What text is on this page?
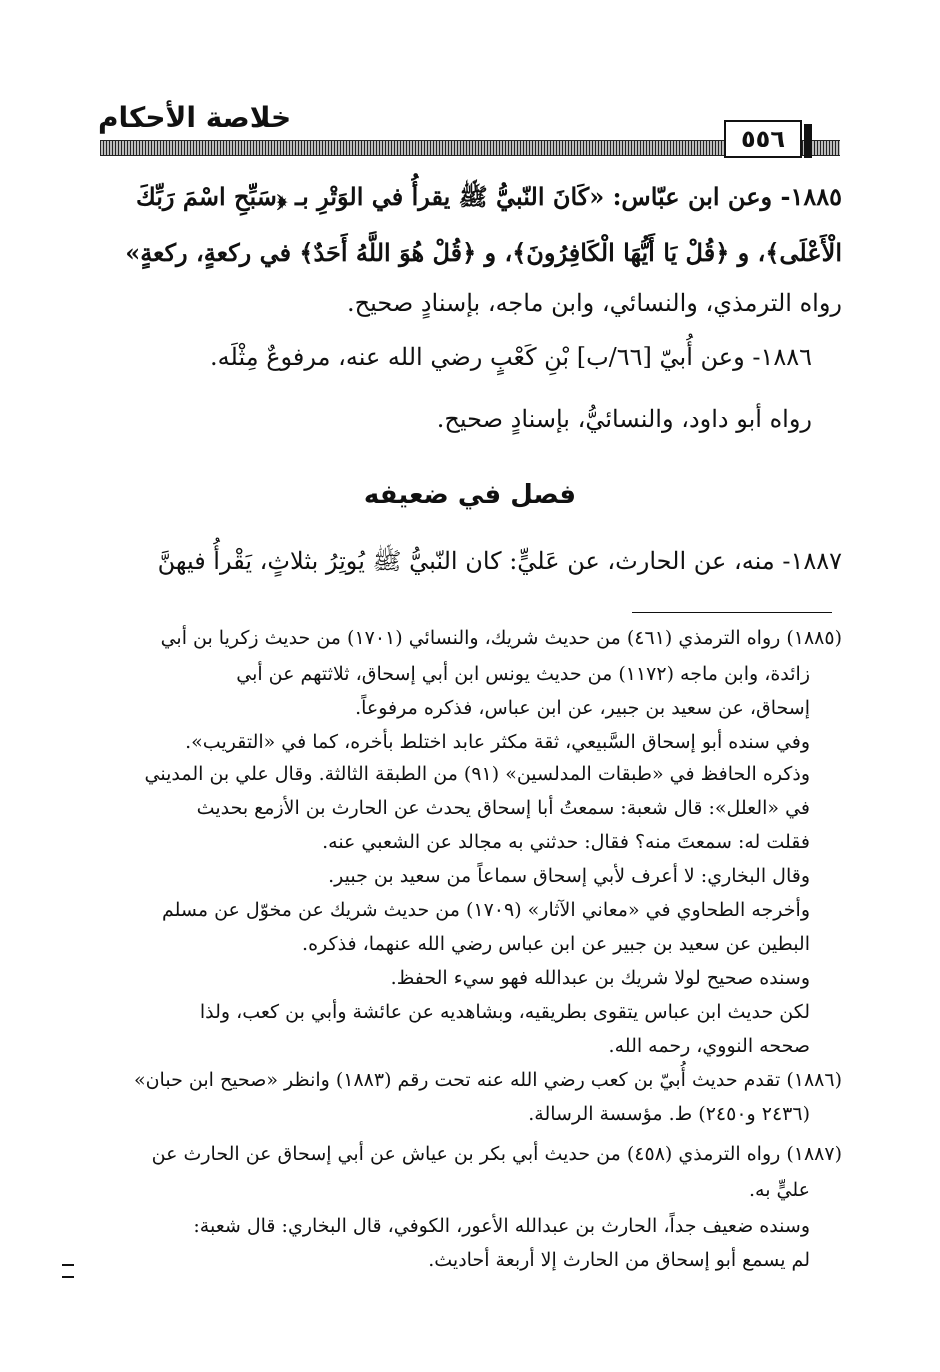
خلاصة الأحكام
٥٥٦
١٨٨٥- وعن ابن عبّاس: «كَانَ النّبيُّ ﷺ يقرأُ في الوَتْرِ بـ ﴿سَبِّحِ اسْمَ رَبِّكَ
الْأَعْلَى﴾، و ﴿قُلْ يَا أَيُّهَا الْكَافِرُونَ﴾، و ﴿قُلْ هُوَ اللَّهُ أَحَدٌ﴾ في ركعةٍ، ركعةٍ»
رواه الترمذي، والنسائي، وابن ماجه، بإسنادٍ صحيح.
١٨٨٦- وعن أُبيّ [٦٦/ب] بْنِ كَعْبٍ رضي الله عنه، مرفوعٌ مِثْلَه.
رواه أبو داود، والنسائيُّ، بإسنادٍ صحيح.
فصل في ضعيفه
١٨٨٧- منه، عن الحارث، عن عَليٍّ: كان النّبيُّ ﷺ يُوتِرُ بثلاثٍ، يَقْرأُ فيهنَّ
(١٨٨٥) رواه الترمذي (٤٦١) من حديث شريك، والنسائي (١٧٠١) من حديث زكريا بن أبي
زائدة، وابن ماجه (١١٧٢) من حديث يونس ابن أبي إسحاق، ثلاثتهم عن أبي
إسحاق، عن سعيد بن جبير، عن ابن عباس، فذكره مرفوعاً.
وفي سنده أبو إسحاق السَّبيعي، ثقة مكثر عابد اختلط بأخره، كما في «التقريب».
وذكره الحافظ في «طبقات المدلسين» (٩١) من الطبقة الثالثة. وقال علي بن المديني
في «العلل»: قال شعبة: سمعتُ أبا إسحاق يحدث عن الحارث بن الأزمع بحديث
فقلت له: سمعتَ منه؟ فقال: حدثني به مجالد عن الشعبي عنه.
وقال البخاري: لا أعرف لأبي إسحاق سماعاً من سعيد بن جبير.
وأخرجه الطحاوي في «معاني الآثار» (١٧٠٩) من حديث شريك عن مخوّل عن مسلم
البطين عن سعيد بن جبير عن ابن عباس رضي الله عنهما، فذكره.
وسنده صحيح لولا شريك بن عبدالله فهو سيء الحفظ.
لكن حديث ابن عباس يتقوى بطريقيه، وبشاهديه عن عائشة وأبي بن كعب، ولذا
صححه النووي، رحمه الله.
(١٨٨٦) تقدم حديث أُبيّ بن كعب رضي الله عنه تحت رقم (١٨٨٣) وانظر «صحيح ابن حبان»
(٢٤٣٦ و٢٤٥٠) ط. مؤسسة الرسالة.
(١٨٨٧) رواه الترمذي (٤٥٨) من حديث أبي بكر بن عياش عن أبي إسحاق عن الحارث عن
عليٍّ به.
وسنده ضعيف جداً، الحارث بن عبدالله الأعور، الكوفي، قال البخاري: قال شعبة:
لم يسمع أبو إسحاق من الحارث إلا أربعة أحاديث.
